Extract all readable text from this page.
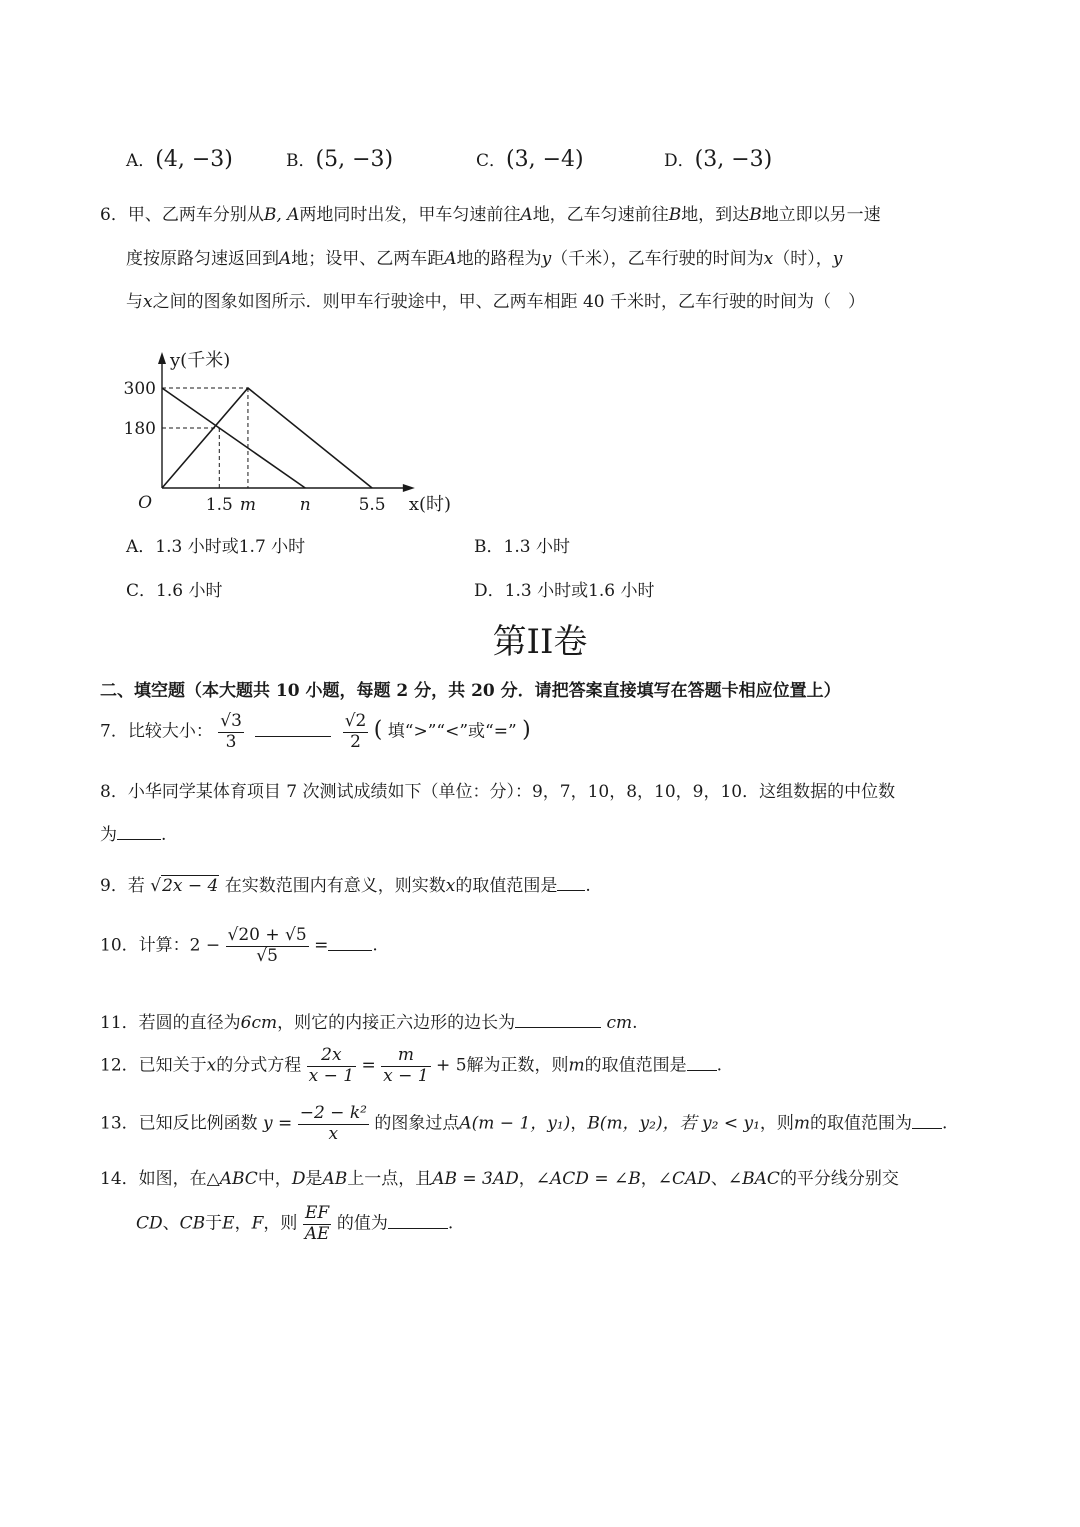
A．(4, −3)	B．(5, −3)	C．(3, −4)	D．(3, −3)
6．甲、乙两车分别从B, A两地同时出发，甲车匀速前往A地，乙车匀速前往B地，到达B地立即以另一速
度按原路匀速返回到A地；设甲、乙两车距A地的路程为y（千米），乙车行驶的时间为x（时），y
与x之间的图象如图所示．则甲车行驶途中，甲、乙两车相距 40 千米时，乙车行驶的时间为（　）
1.5 m	n	5.5
180
300
O	x(时)
y(千米)
A．1.3 小时或1.7 小时	B．1.3 小时
C．1.6 小时	D．1.3 小时或1.6 小时
第II卷
二、填空题（本大题共 10 小题，每题 2 分，共 20 分．请把答案直接填写在答题卡相应位置上）
7．比较大小： $\frac{√3}{3}$
	$\frac{√2}{2}$ ( 填“>”“<”或“=” )
8．小华同学某体育项目 7 次测试成绩如下（单位：分）：9，7，10，8，10，9，10．这组数据的中位数
为	.
9．若 √2x − 4 在实数范围内有意义，则实数x的取值范围是 .
10．计算：$2 - \frac{√20 + √5}{√5}$ =	.
11．若圆的直径为6cm，则它的内接正六边形的边长为	cm.
12．已知关于x的分式方程 $\frac{2x}{x - 1} = \frac{m}{x - 1} + 5$解为正数，则m的取值范围是 .
13．已知反比例函数 $y = \frac{\text{−2 − k²}}{x}$ 的图象过点A(m − 1，y₁)，B(m，y₂)，若 y₂ < y₁，则m的取值范围为 .
14．如图，在△ABC中，D是AB上一点，且AB = 3AD，∠ACD = ∠B，∠CAD、∠BAC的平分线分别交
CD、CB于E，F，则 $\frac{EF}{AE}$ 的值为	.
